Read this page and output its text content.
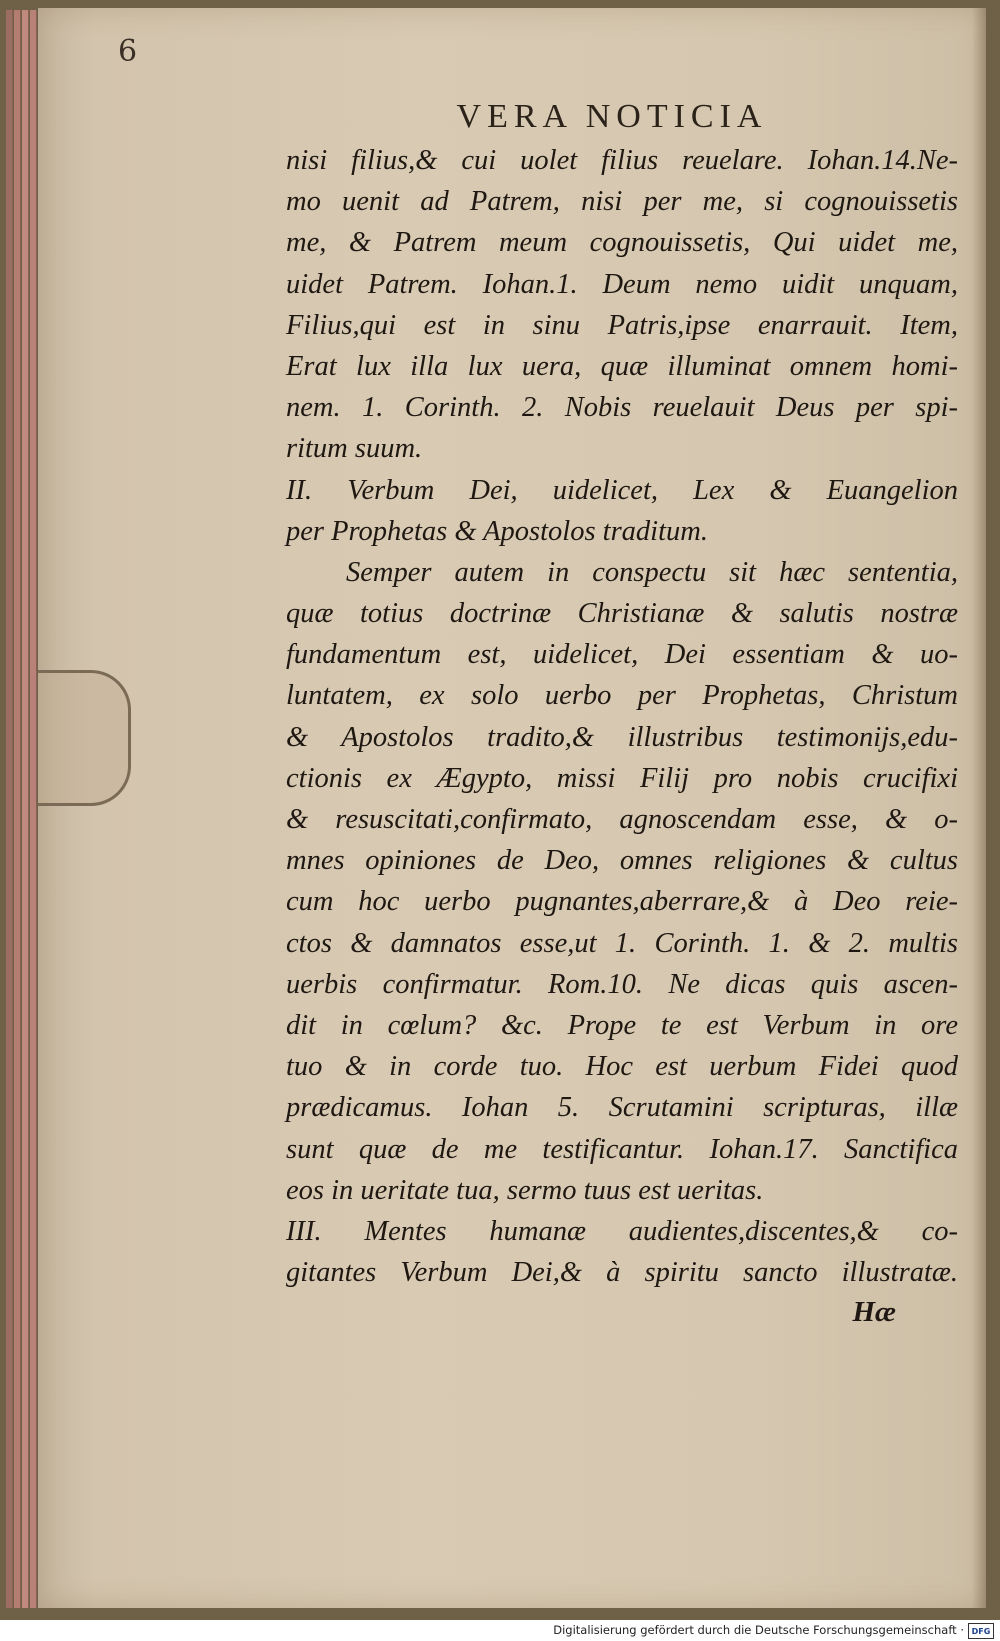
6

VERA NOTICIA

nisi filius,& cui uolet filius reuelare. Iohan.14.Ne-
mo uenit ad Patrem, nisi per me, si cognouissetis
me, & Patrem meum cognouissetis, Qui uidet me,
uidet Patrem. Iohan.1. Deum nemo uidit unquam,
Filius,qui est in sinu Patris,ipse enarrauit. Item,
Erat lux illa lux uera, quæ illuminat omnem homi-
nem. 1. Corinth. 2. Nobis reuelauit Deus per spi-
ritum suum.
II. Verbum Dei, uidelicet, Lex & Euangelion
per Prophetas & Apostolos traditum.
Semper autem in conspectu sit hæc sententia,
quæ totius doctrinæ Christianæ & salutis nostræ
fundamentum est, uidelicet, Dei essentiam & uo-
luntatem, ex solo uerbo per Prophetas, Christum
& Apostolos tradito,& illustribus testimonijs,edu-
ctionis ex Ægypto, missi Filij pro nobis crucifixi
& resuscitati,confirmato, agnoscendam esse, & o-
mnes opiniones de Deo, omnes religiones & cultus
cum hoc uerbo pugnantes,aberrare,& à Deo reie-
ctos & damnatos esse,ut 1. Corinth. 1. & 2. multis
uerbis confirmatur. Rom.10. Ne dicas quis ascen-
dit in cœlum? &c. Prope te est Verbum in ore
tuo & in corde tuo. Hoc est uerbum Fidei quod
prædicamus. Iohan 5. Scrutamini scripturas, illæ
sunt quæ de me testificantur. Iohan.17. Sanctifica
eos in ueritate tua, sermo tuus est ueritas.
III. Mentes humanæ audientes,discentes,& co-
gitantes Verbum Dei,& à spiritu sancto illustratæ.

Hæ

Digitalisierung gefördert durch die Deutsche Forschungsgemeinschaft · DFG
